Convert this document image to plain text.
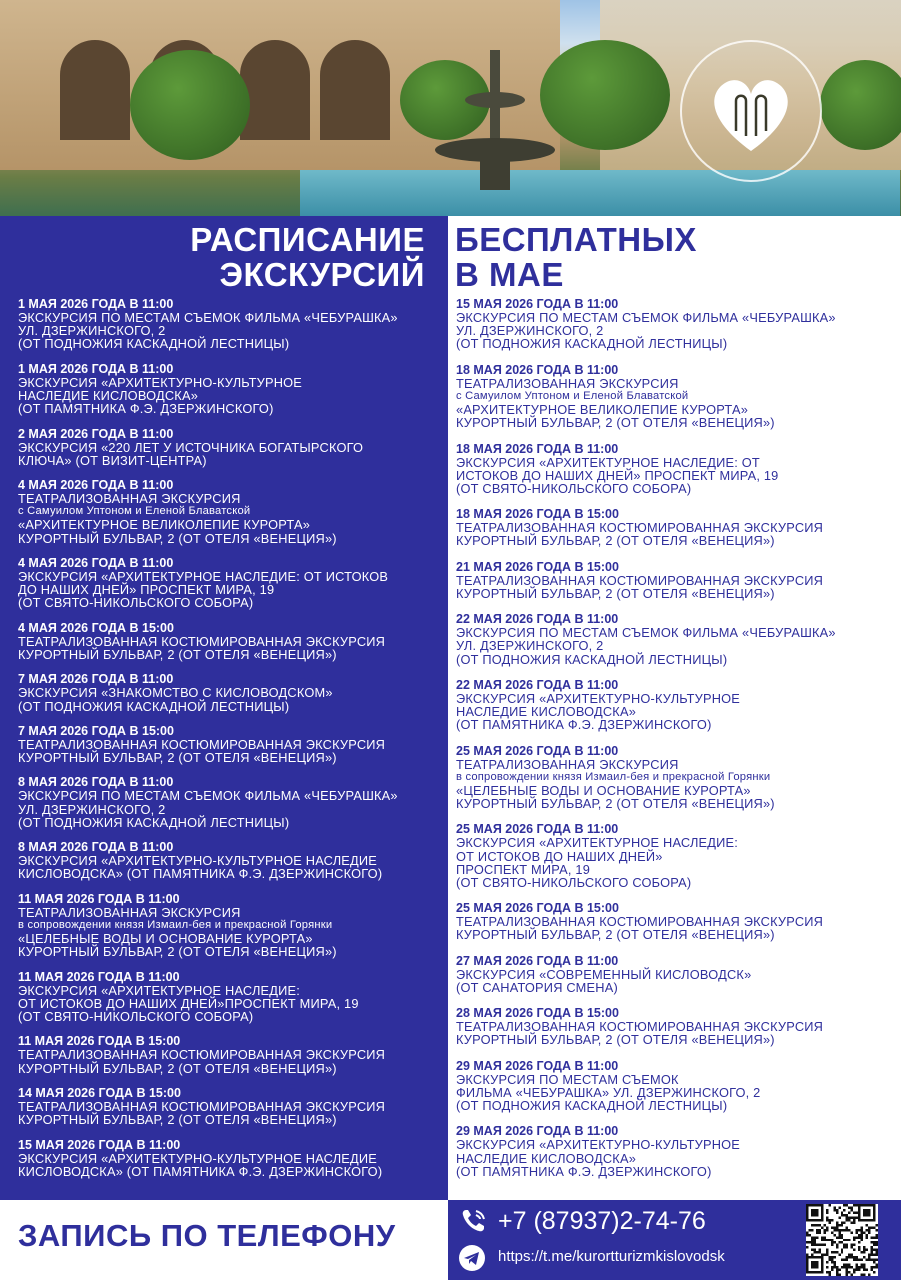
РАСПИСАНИЕ
ЭКСКУРСИЙ
БЕСПЛАТНЫХ
В МАЕ
1 МАЯ 2026 ГОДА В 11:00
ЭКСКУРСИЯ ПО МЕСТАМ СЪЕМОК ФИЛЬМА «ЧЕБУРАШКА»
УЛ. ДЗЕРЖИНСКОГО, 2
(ОТ ПОДНОЖИЯ КАСКАДНОЙ ЛЕСТНИЦЫ)
1 МАЯ 2026 ГОДА В 11:00
ЭКСКУРСИЯ «АРХИТЕКТУРНО-КУЛЬТУРНОЕ
НАСЛЕДИЕ КИСЛОВОДСКА»
(ОТ ПАМЯТНИКА Ф.Э. ДЗЕРЖИНСКОГО)
2 МАЯ 2026 ГОДА В 11:00
ЭКСКУРСИЯ «220 ЛЕТ У ИСТОЧНИКА БОГАТЫРСКОГО
КЛЮЧА» (ОТ ВИЗИТ-ЦЕНТРА)
4 МАЯ 2026 ГОДА В 11:00
ТЕАТРАЛИЗОВАННАЯ ЭКСКУРСИЯ
с Самуилом Уптоном и Еленой Блаватской
«АРХИТЕКТУРНОЕ ВЕЛИКОЛЕПИЕ КУРОРТА»
КУРОРТНЫЙ БУЛЬВАР, 2 (ОТ ОТЕЛЯ «ВЕНЕЦИЯ»)
4 МАЯ 2026 ГОДА В 11:00
ЭКСКУРСИЯ «АРХИТЕКТУРНОЕ НАСЛЕДИЕ: ОТ ИСТОКОВ
ДО НАШИХ ДНЕЙ» ПРОСПЕКТ МИРА, 19
(ОТ СВЯТО-НИКОЛЬСКОГО СОБОРА)
4 МАЯ 2026 ГОДА В 15:00
ТЕАТРАЛИЗОВАННАЯ КОСТЮМИРОВАННАЯ ЭКСКУРСИЯ
КУРОРТНЫЙ БУЛЬВАР, 2 (ОТ ОТЕЛЯ «ВЕНЕЦИЯ»)
7 МАЯ 2026 ГОДА В 11:00
ЭКСКУРСИЯ «ЗНАКОМСТВО С КИСЛОВОДСКОМ»
(ОТ ПОДНОЖИЯ КАСКАДНОЙ ЛЕСТНИЦЫ)
7 МАЯ 2026 ГОДА В 15:00
ТЕАТРАЛИЗОВАННАЯ КОСТЮМИРОВАННАЯ ЭКСКУРСИЯ
КУРОРТНЫЙ БУЛЬВАР, 2 (ОТ ОТЕЛЯ «ВЕНЕЦИЯ»)
8 МАЯ 2026 ГОДА В 11:00
ЭКСКУРСИЯ ПО МЕСТАМ СЪЕМОК ФИЛЬМА «ЧЕБУРАШКА»
УЛ. ДЗЕРЖИНСКОГО, 2
(ОТ ПОДНОЖИЯ КАСКАДНОЙ ЛЕСТНИЦЫ)
8 МАЯ 2026 ГОДА В 11:00
ЭКСКУРСИЯ «АРХИТЕКТУРНО-КУЛЬТУРНОЕ НАСЛЕДИЕ
КИСЛОВОДСКА» (ОТ ПАМЯТНИКА Ф.Э. ДЗЕРЖИНСКОГО)
11 МАЯ 2026 ГОДА В 11:00
ТЕАТРАЛИЗОВАННАЯ ЭКСКУРСИЯ
в сопровождении князя Измаил-бея и прекрасной Горянки
«ЦЕЛЕБНЫЕ ВОДЫ И ОСНОВАНИЕ КУРОРТА»
КУРОРТНЫЙ БУЛЬВАР, 2 (ОТ ОТЕЛЯ «ВЕНЕЦИЯ»)
11 МАЯ 2026 ГОДА В 11:00
ЭКСКУРСИЯ «АРХИТЕКТУРНОЕ НАСЛЕДИЕ:
ОТ ИСТОКОВ ДО НАШИХ ДНЕЙ»ПРОСПЕКТ МИРА, 19
(ОТ СВЯТО-НИКОЛЬСКОГО СОБОРА)
11 МАЯ 2026 ГОДА В 15:00
ТЕАТРАЛИЗОВАННАЯ КОСТЮМИРОВАННАЯ ЭКСКУРСИЯ
КУРОРТНЫЙ БУЛЬВАР, 2 (ОТ ОТЕЛЯ «ВЕНЕЦИЯ»)
14 МАЯ 2026 ГОДА В 15:00
ТЕАТРАЛИЗОВАННАЯ КОСТЮМИРОВАННАЯ ЭКСКУРСИЯ
КУРОРТНЫЙ БУЛЬВАР, 2 (ОТ ОТЕЛЯ «ВЕНЕЦИЯ»)
15 МАЯ 2026 ГОДА В 11:00
ЭКСКУРСИЯ «АРХИТЕКТУРНО-КУЛЬТУРНОЕ НАСЛЕДИЕ
КИСЛОВОДСКА» (ОТ ПАМЯТНИКА Ф.Э. ДЗЕРЖИНСКОГО)
15 МАЯ 2026 ГОДА В 11:00
ЭКСКУРСИЯ ПО МЕСТАМ СЪЕМОК ФИЛЬМА «ЧЕБУРАШКА»
УЛ. ДЗЕРЖИНСКОГО, 2
(ОТ ПОДНОЖИЯ КАСКАДНОЙ ЛЕСТНИЦЫ)
18 МАЯ 2026 ГОДА В 11:00
ТЕАТРАЛИЗОВАННАЯ ЭКСКУРСИЯ
с Самуилом Уптоном и Еленой Блаватской
«АРХИТЕКТУРНОЕ ВЕЛИКОЛЕПИЕ КУРОРТА»
КУРОРТНЫЙ БУЛЬВАР, 2 (ОТ ОТЕЛЯ «ВЕНЕЦИЯ»)
18 МАЯ 2026 ГОДА В 11:00
ЭКСКУРСИЯ «АРХИТЕКТУРНОЕ НАСЛЕДИЕ: ОТ
ИСТОКОВ ДО НАШИХ ДНЕЙ» ПРОСПЕКТ МИРА, 19
(ОТ СВЯТО-НИКОЛЬСКОГО СОБОРА)
18 МАЯ 2026 ГОДА В 15:00
ТЕАТРАЛИЗОВАННАЯ КОСТЮМИРОВАННАЯ ЭКСКУРСИЯ
КУРОРТНЫЙ БУЛЬВАР, 2 (ОТ ОТЕЛЯ «ВЕНЕЦИЯ»)
21 МАЯ 2026 ГОДА В 15:00
ТЕАТРАЛИЗОВАННАЯ КОСТЮМИРОВАННАЯ ЭКСКУРСИЯ
КУРОРТНЫЙ БУЛЬВАР, 2 (ОТ ОТЕЛЯ «ВЕНЕЦИЯ»)
22 МАЯ 2026 ГОДА В 11:00
ЭКСКУРСИЯ ПО МЕСТАМ СЪЕМОК ФИЛЬМА «ЧЕБУРАШКА»
УЛ. ДЗЕРЖИНСКОГО, 2
(ОТ ПОДНОЖИЯ КАСКАДНОЙ ЛЕСТНИЦЫ)
22 МАЯ 2026 ГОДА В 11:00
ЭКСКУРСИЯ «АРХИТЕКТУРНО-КУЛЬТУРНОЕ
НАСЛЕДИЕ КИСЛОВОДСКА»
(ОТ ПАМЯТНИКА Ф.Э. ДЗЕРЖИНСКОГО)
25 МАЯ 2026 ГОДА В 11:00
ТЕАТРАЛИЗОВАННАЯ ЭКСКУРСИЯ
в сопровождении князя Измаил-бея и прекрасной Горянки
«ЦЕЛЕБНЫЕ ВОДЫ И ОСНОВАНИЕ КУРОРТА»
КУРОРТНЫЙ БУЛЬВАР, 2 (ОТ ОТЕЛЯ «ВЕНЕЦИЯ»)
25 МАЯ 2026 ГОДА В 11:00
ЭКСКУРСИЯ «АРХИТЕКТУРНОЕ НАСЛЕДИЕ:
ОТ ИСТОКОВ ДО НАШИХ ДНЕЙ»
ПРОСПЕКТ МИРА, 19
(ОТ СВЯТО-НИКОЛЬСКОГО СОБОРА)
25 МАЯ 2026 ГОДА В 15:00
ТЕАТРАЛИЗОВАННАЯ КОСТЮМИРОВАННАЯ ЭКСКУРСИЯ
КУРОРТНЫЙ БУЛЬВАР, 2 (ОТ ОТЕЛЯ «ВЕНЕЦИЯ»)
27 МАЯ 2026 ГОДА В 11:00
ЭКСКУРСИЯ «СОВРЕМЕННЫЙ КИСЛОВОДСК»
(ОТ САНАТОРИЯ СМЕНА)
28 МАЯ 2026 ГОДА В 15:00
ТЕАТРАЛИЗОВАННАЯ КОСТЮМИРОВАННАЯ ЭКСКУРСИЯ
КУРОРТНЫЙ БУЛЬВАР, 2 (ОТ ОТЕЛЯ «ВЕНЕЦИЯ»)
29 МАЯ 2026 ГОДА В 11:00
ЭКСКУРСИЯ ПО МЕСТАМ СЪЕМОК
ФИЛЬМА «ЧЕБУРАШКА» УЛ. ДЗЕРЖИНСКОГО, 2
(ОТ ПОДНОЖИЯ КАСКАДНОЙ ЛЕСТНИЦЫ)
29 МАЯ 2026 ГОДА В 11:00
ЭКСКУРСИЯ «АРХИТЕКТУРНО-КУЛЬТУРНОЕ
НАСЛЕДИЕ КИСЛОВОДСКА»
(ОТ ПАМЯТНИКА Ф.Э. ДЗЕРЖИНСКОГО)
ЗАПИСЬ ПО ТЕЛЕФОНУ	+7 (87937)2-74-76
https://t.me/kurortturizmkislovodsk
